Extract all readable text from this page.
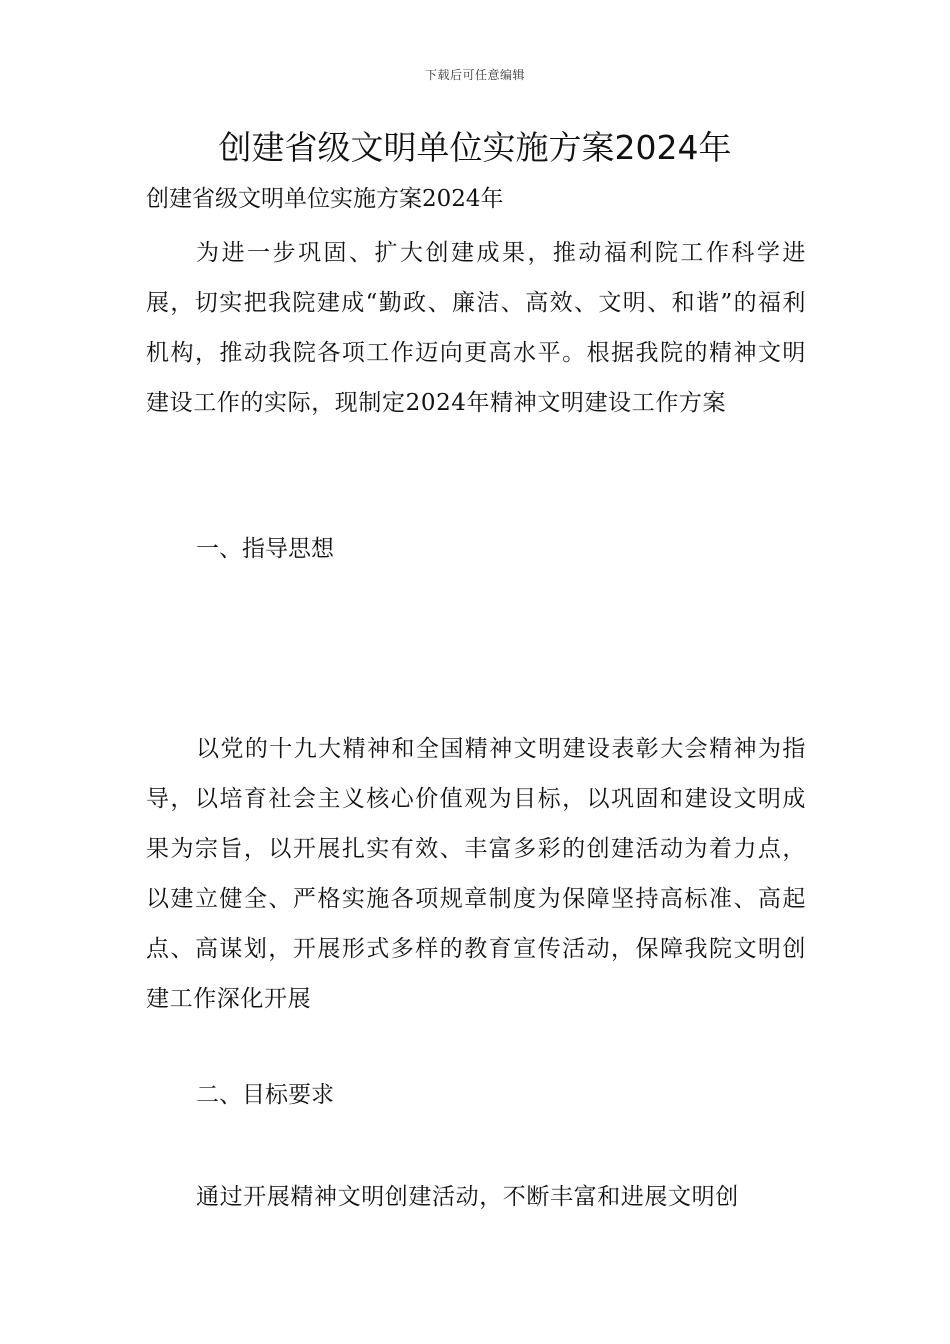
下载后可任意编辑
创建省级文明单位实施方案2024年

创建省级文明单位实施方案2024年

为进一步巩固、扩大创建成果，推动福利院工作科学进展，切实把我院建成“勤政、廉洁、高效、文明、和谐”的福利机构，推动我院各项工作迈向更高水平。根据我院的精神文明建设工作的实际，现制定2024年精神文明建设工作方案

一、指导思想

以党的十九大精神和全国精神文明建设表彰大会精神为指导，以培育社会主义核心价值观为目标，以巩固和建设文明成果为宗旨，以开展扎实有效、丰富多彩的创建活动为着力点，以建立健全、严格实施各项规章制度为保障坚持高标准、高起点、高谋划，开展形式多样的教育宣传活动，保障我院文明创建工作深化开展

二、目标要求

通过开展精神文明创建活动，不断丰富和进展文明创
